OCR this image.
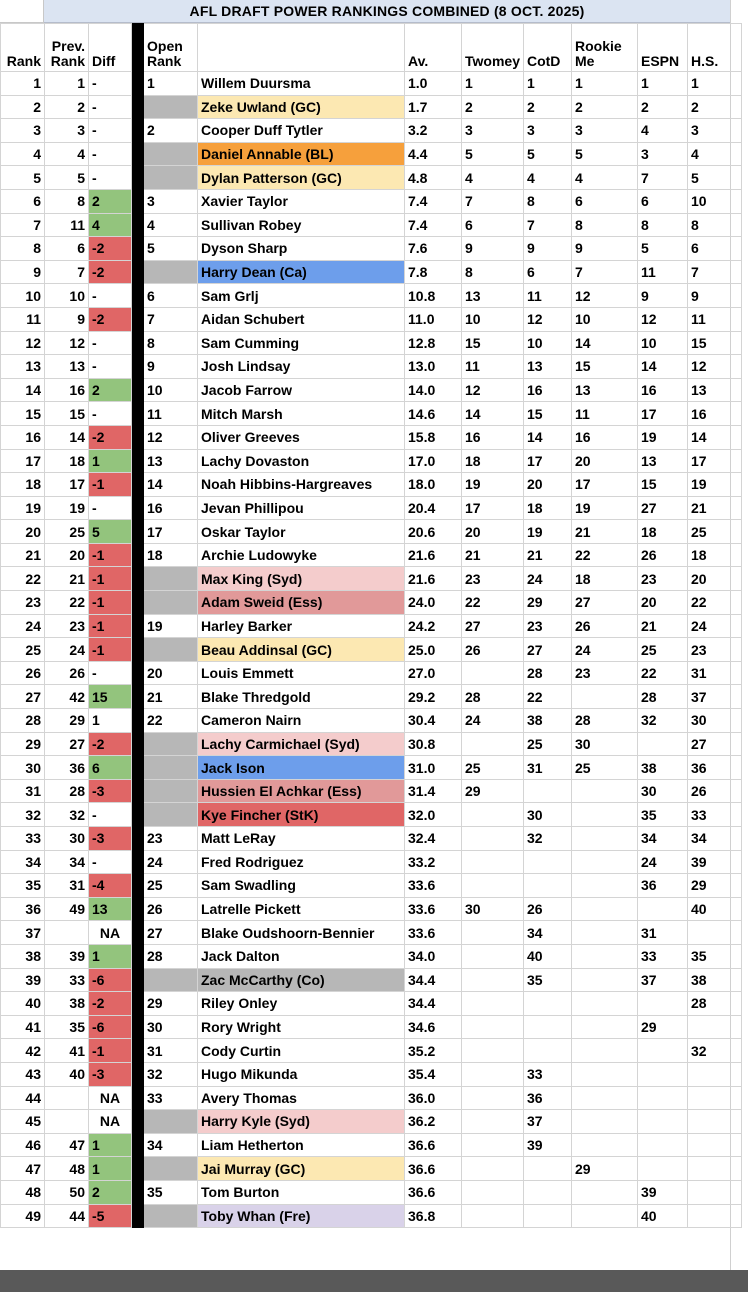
AFL DRAFT POWER RANKINGS COMBINED (8 OCT. 2025)
Rank	Prev.
Rank	Diff		Open
Rank		Av.	Twomey	CotD	Rookie
Me	ESPN	H.S.
1	1	-		1	Willem Duursma	1.0	1	1	1	1	1
2	2	-			Zeke Uwland (GC)	1.7	2	2	2	2	2
3	3	-		2	Cooper Duff Tytler	3.2	3	3	3	4	3
4	4	-			Daniel Annable (BL)	4.4	5	5	5	3	4
5	5	-			Dylan Patterson (GC)	4.8	4	4	4	7	5
6	8	2		3	Xavier Taylor	7.4	7	8	6	6	10
7	11	4		4	Sullivan Robey	7.4	6	7	8	8	8
8	6	-2		5	Dyson Sharp	7.6	9	9	9	5	6
9	7	-2			Harry Dean (Ca)	7.8	8	6	7	11	7
10	10	-		6	Sam Grlj	10.8	13	11	12	9	9
11	9	-2		7	Aidan Schubert	11.0	10	12	10	12	11
12	12	-		8	Sam Cumming	12.8	15	10	14	10	15
13	13	-		9	Josh Lindsay	13.0	11	13	15	14	12
14	16	2		10	Jacob Farrow	14.0	12	16	13	16	13
15	15	-		11	Mitch Marsh	14.6	14	15	11	17	16
16	14	-2		12	Oliver Greeves	15.8	16	14	16	19	14
17	18	1		13	Lachy Dovaston	17.0	18	17	20	13	17
18	17	-1		14	Noah Hibbins-Hargreaves	18.0	19	20	17	15	19
19	19	-		16	Jevan Phillipou	20.4	17	18	19	27	21
20	25	5		17	Oskar Taylor	20.6	20	19	21	18	25
21	20	-1		18	Archie Ludowyke	21.6	21	21	22	26	18
22	21	-1			Max King (Syd)	21.6	23	24	18	23	20
23	22	-1			Adam Sweid (Ess)	24.0	22	29	27	20	22
24	23	-1		19	Harley Barker	24.2	27	23	26	21	24
25	24	-1			Beau Addinsal (GC)	25.0	26	27	24	25	23
26	26	-		20	Louis Emmett	27.0		28	23	22	31
27	42	15		21	Blake Thredgold	29.2	28	22		28	37
28	29	1		22	Cameron Nairn	30.4	24	38	28	32	30
29	27	-2			Lachy Carmichael (Syd)	30.8		25	30		27
30	36	6			Jack Ison	31.0	25	31	25	38	36
31	28	-3			Hussien El Achkar (Ess)	31.4	29			30	26
32	32	-			Kye Fincher (StK)	32.0		30		35	33
33	30	-3		23	Matt LeRay	32.4		32		34	34
34	34	-		24	Fred Rodriguez	33.2				24	39
35	31	-4		25	Sam Swadling	33.6				36	29
36	49	13		26	Latrelle Pickett	33.6	30	26			40
37		NA		27	Blake Oudshoorn-Bennier	33.6		34		31	
38	39	1		28	Jack Dalton	34.0		40		33	35
39	33	-6			Zac McCarthy (Co)	34.4		35		37	38
40	38	-2		29	Riley Onley	34.4					28
41	35	-6		30	Rory Wright	34.6				29	
42	41	-1		31	Cody Curtin	35.2					32
43	40	-3		32	Hugo Mikunda	35.4		33			
44		NA		33	Avery Thomas	36.0		36			
45		NA			Harry Kyle (Syd)	36.2		37			
46	47	1		34	Liam Hetherton	36.6		39			
47	48	1			Jai Murray (GC)	36.6			29		
48	50	2		35	Tom Burton	36.6				39	
49	44	-5			Toby Whan (Fre)	36.8				40	
